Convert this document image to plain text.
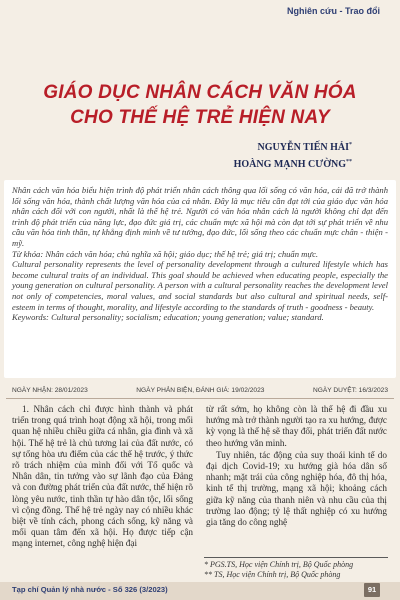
Nghiên cứu - Trao đổi
GIÁO DỤC NHÂN CÁCH VĂN HÓA
CHO THẾ HỆ TRẺ HIỆN NAY
NGUYỄN TIẾN HẢI*
HOÀNG MẠNH CƯỜNG**

Nhân cách văn hóa biểu hiện trình độ phát triển nhân cách thông qua lối sống có văn hóa, cái đã trở thành lối sống văn hóa, thành chất lượng văn hóa của cá nhân. Đây là mục tiêu cần đạt tới của giáo dục văn hóa nhân cách đối với con người, nhất là thế hệ trẻ. Người có văn hóa nhân cách là người không chỉ đạt đến trình độ phát triển của năng lực, đạo đức giá trị, các chuẩn mực xã hội mà còn đạt tới sự phát triển về nhu cầu văn hóa tinh thần, tự khẳng định mình về tư tưởng, đạo đức, lối sống theo các chuẩn mực chân - thiện - mỹ.

Từ khóa: Nhân cách văn hóa; chủ nghĩa xã hội; giáo dục; thế hệ trẻ; giá trị; chuẩn mực.

Cultural personality represents the level of personality development through a cultured lifestyle which has become cultural traits of an individual. This goal should be achieved when educating people, especially the young generation on cultural personality. A person with a cultural personality reaches the development level not only of competencies, moral values, and social standards but also cultural and spiritual needs, self-esteem in terms of thought, morality, and lifestyle according to the standards of truth - goodness - beauty.

Keywords: Cultural personality; socialism; education; young generation; value; standard.

NGÀY NHẬN: 28/01/2023	NGÀY PHẢN BIỆN, ĐÁNH GIÁ: 19/02/2023	NGÀY DUYỆT: 16/3/2023
1. Nhân cách chỉ được hình thành và phát triển trong quá trình hoạt động xã hội, trong mối quan hệ nhiều chiều giữa cá nhân, gia đình và xã hội. Thế hệ trẻ là chủ tương lai của đất nước, có sự tổng hòa ưu điểm của các thế hệ trước, ý thức rõ trách nhiệm của mình đối với Tổ quốc và Nhân dân, tin tưởng vào sự lãnh đạo của Đảng và con đường phát triển của đất nước, thế hiện rõ lòng yêu nước, tinh thần tự hào dân tộc, lối sống vì cộng đồng. Thế hệ trẻ ngày nay có nhiều khác biệt về tính cách, phong cách sống, kỹ năng và mối quan tâm đến xã hội. Họ được tiếp cận mạng internet, công nghệ hiện đại

từ rất sớm, họ không còn là thế hệ đi đầu xu hướng mà trở thành người tạo ra xu hướng, được kỳ vọng là thế hệ sẽ thay đổi, phát triển đất nước theo hướng văn minh.

Tuy nhiên, tác động của suy thoái kinh tế do đại dịch Covid-19; xu hướng già hóa dân số nhanh; mặt trái của công nghiệp hóa, đô thị hóa, kinh tế thị trường, mạng xã hội; khoảng cách giữa kỹ năng của thanh niên và nhu cầu của thị trường lao động; tỷ lệ thất nghiệp có xu hướng gia tăng do công nghệ

* PGS.TS, Học viện Chính trị, Bộ Quốc phòng
** TS, Học viện Chính trị, Bộ Quốc phòng
Tạp chí Quản lý nhà nước - Số 326 (3/2023)	91
